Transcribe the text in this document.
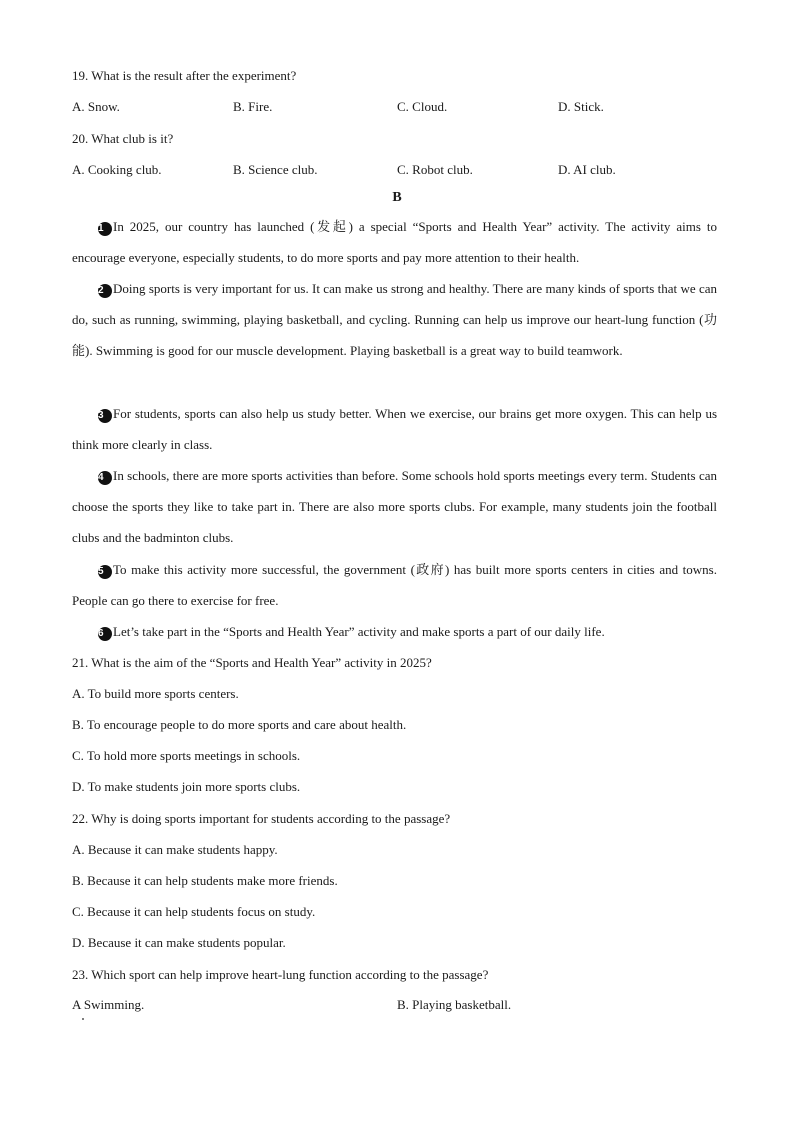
19. What is the result after the experiment?
A. Snow.	B. Fire.	C. Cloud.	D. Stick.
20. What club is it?
A. Cooking club.	B. Science club.	C. Robot club.	D. AI club.
B
1 In 2025, our country has launched (发起) a special “Sports and Health Year” activity. The activity aims to encourage everyone, especially students, to do more sports and pay more attention to their health.
2 Doing sports is very important for us. It can make us strong and healthy. There are many kinds of sports that we can do, such as running, swimming, playing basketball, and cycling. Running can help us improve our heart-lung function (功能). Swimming is good for our muscle development. Playing basketball is a great way to build teamwork.
3 For students, sports can also help us study better. When we exercise, our brains get more oxygen. This can help us think more clearly in class.
4 In schools, there are more sports activities than before. Some schools hold sports meetings every term. Students can choose the sports they like to take part in. There are also more sports clubs. For example, many students join the football clubs and the badminton clubs.
5 To make this activity more successful, the government (政府) has built more sports centers in cities and towns. People can go there to exercise for free.
6 Let’s take part in the “Sports and Health Year” activity and make sports a part of our daily life.
21. What is the aim of the “Sports and Health Year” activity in 2025?
A. To build more sports centers.
B. To encourage people to do more sports and care about health.
C. To hold more sports meetings in schools.
D. To make students join more sports clubs.
22. Why is doing sports important for students according to the passage?
A. Because it can make students happy.
B. Because it can help students make more friends.
C. Because it can help students focus on study.
D. Because it can make students popular.
23. Which sport can help improve heart-lung function according to the passage?
A Swimming.	B. Playing basketball.
